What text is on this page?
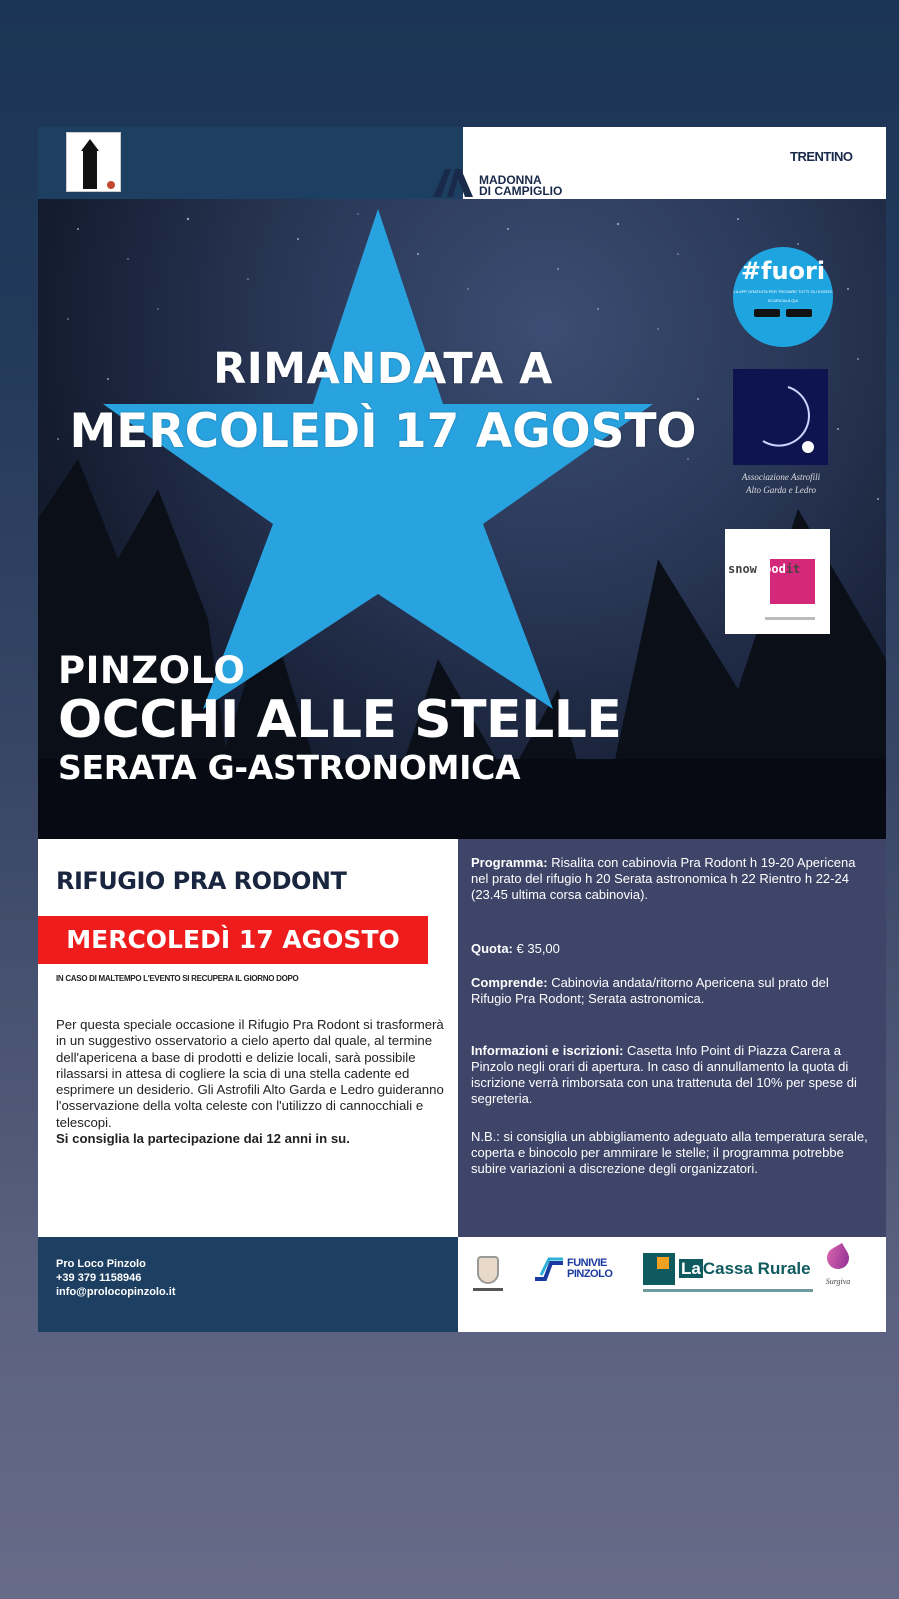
MADONNA
DI CAMPIGLIO
TRENTINO
RIMANDATA A
MERCOLEDÌ 17 AGOSTO
#fuori
LA APP GRATUITA PER TROVARE TUTTI GLI EVENTI
SCARICALA QUI
Associazione Astrofili
Alto Garda e Ledro
snowfoodit
PINZOLO
OCCHI ALLE STELLE
SERATA G-ASTRONOMICA
RIFUGIO PRA RODONT
MERCOLEDÌ 17 AGOSTO
IN CASO DI MALTEMPO L'EVENTO SI RECUPERA IL GIORNO DOPO
Per questa speciale occasione il Rifugio Pra Rodont si trasformerà in un suggestivo osservatorio a cielo aperto dal quale, al termine dell'apericena a base di prodotti e delizie locali, sarà possibile rilassarsi in attesa di cogliere la scia di una stella cadente ed esprimere un desiderio. Gli Astrofili Alto Garda e Ledro guideranno l'osservazione della volta celeste con l'utilizzo di cannocchiali e telescopi.
Si consiglia la partecipazione dai 12 anni in su.
Programma: Risalita con cabinovia Pra Rodont h 19-20 Apericena nel prato del rifugio h 20 Serata astronomica h 22 Rientro h 22-24 (23.45 ultima corsa cabinovia).
Quota: € 35,00
Comprende: Cabinovia andata/ritorno Apericena sul prato del Rifugio Pra Rodont; Serata astronomica.
Informazioni e iscrizioni: Casetta Info Point di Piazza Carera a Pinzolo negli orari di apertura. In caso di annullamento la quota di iscrizione verrà rimborsata con una trattenuta del 10% per spese di segreteria.
N.B.: si consiglia un abbigliamento adeguato alla temperatura serale, coperta e binocolo per ammirare le stelle; il programma potrebbe subire variazioni a discrezione degli organizzatori.
Pro Loco Pinzolo
+39 379 1158946
info@prolocopinzolo.it
FUNIVIE
PINZOLO	La Cassa Rurale
Surgiva
